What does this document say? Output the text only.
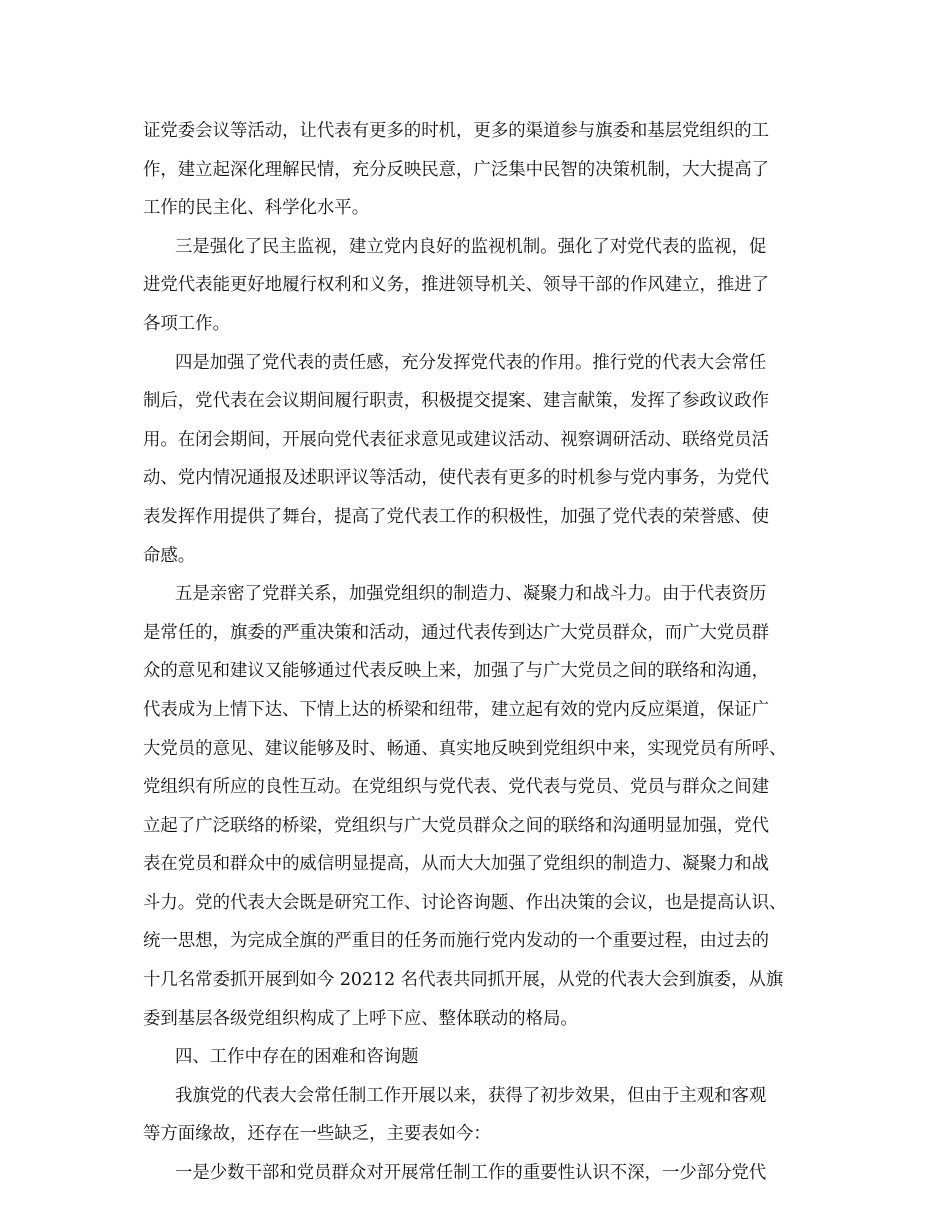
证党委会议等活动，让代表有更多的时机，更多的渠道参与旗委和基层党组织的工
作，建立起深化理解民情，充分反映民意，广泛集中民智的决策机制，大大提高了
工作的民主化、科学化水平。
三是强化了民主监视，建立党内良好的监视机制。强化了对党代表的监视，促
进党代表能更好地履行权利和义务，推进领导机关、领导干部的作风建立，推进了
各项工作。
四是加强了党代表的责任感，充分发挥党代表的作用。推行党的代表大会常任
制后，党代表在会议期间履行职责，积极提交提案、建言献策，发挥了参政议政作
用。在闭会期间，开展向党代表征求意见或建议活动、视察调研活动、联络党员活
动、党内情况通报及述职评议等活动，使代表有更多的时机参与党内事务，为党代
表发挥作用提供了舞台，提高了党代表工作的积极性，加强了党代表的荣誉感、使
命感。
五是亲密了党群关系，加强党组织的制造力、凝聚力和战斗力。由于代表资历
是常任的，旗委的严重决策和活动，通过代表传到达广大党员群众，而广大党员群
众的意见和建议又能够通过代表反映上来，加强了与广大党员之间的联络和沟通，
代表成为上情下达、下情上达的桥梁和纽带，建立起有效的党内反应渠道，保证广
大党员的意见、建议能够及时、畅通、真实地反映到党组织中来，实现党员有所呼、
党组织有所应的良性互动。在党组织与党代表、党代表与党员、党员与群众之间建
立起了广泛联络的桥梁，党组织与广大党员群众之间的联络和沟通明显加强，党代
表在党员和群众中的威信明显提高，从而大大加强了党组织的制造力、凝聚力和战
斗力。党的代表大会既是研究工作、讨论咨询题、作出决策的会议，也是提高认识、
统一思想，为完成全旗的严重目的任务而施行党内发动的一个重要过程，由过去的
十几名常委抓开展到如今 20212 名代表共同抓开展，从党的代表大会到旗委，从旗
委到基层各级党组织构成了上呼下应、整体联动的格局。
四、工作中存在的困难和咨询题
我旗党的代表大会常任制工作开展以来，获得了初步效果，但由于主观和客观
等方面缘故，还存在一些缺乏，主要表如今：
一是少数干部和党员群众对开展常任制工作的重要性认识不深，一少部分党代
